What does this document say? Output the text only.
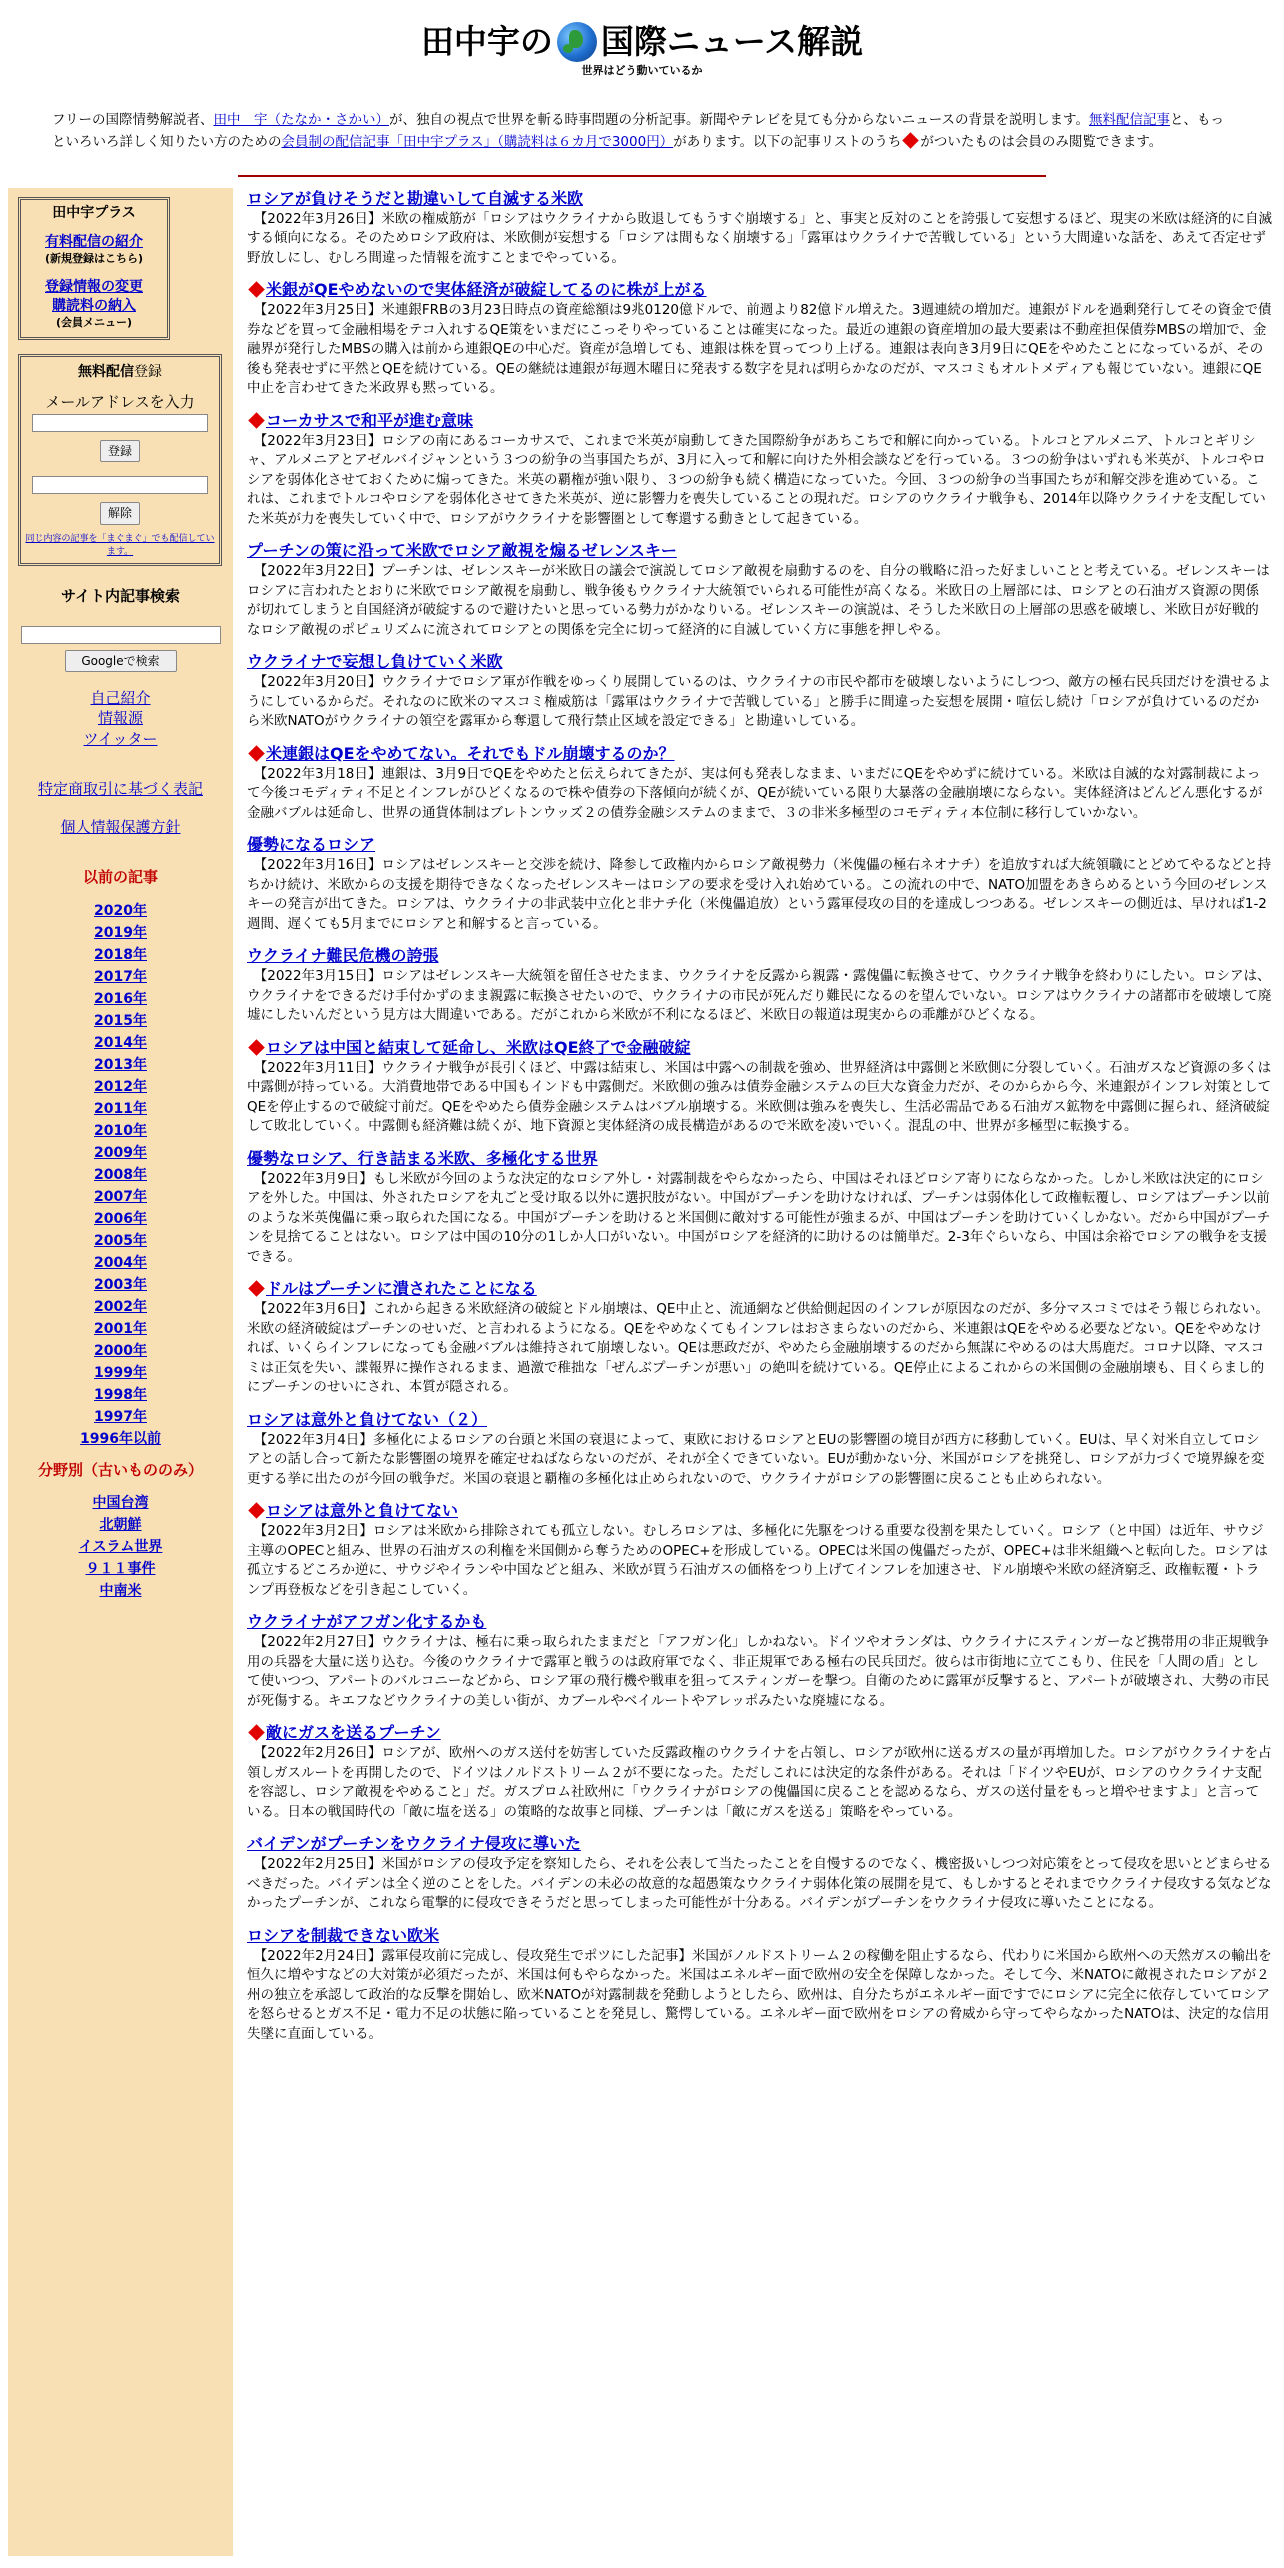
田中宇の 国際ニュース解説
世界はどう動いているか
フリーの国際情勢解説者、田中　宇（たなか・さかい）が、独自の視点で世界を斬る時事問題の分析記事。新聞やテレビを見ても分からないニュースの背景を説明します。無料配信記事と、もっといろいろ詳しく知りたい方のための会員制の配信記事「田中宇プラス」（購読料は６カ月で3000円）があります。以下の記事リストのうち がついたものは会員のみ閲覧できます。
田中宇プラス
有料配信の紹介
(新規登録はこちら)
登録情報の変更
購読料の納入
(会員メニュー)
無料配信登録
メールアドレスを入力
登録
解除
同じ内容の記事を「まぐまぐ」でも配信しています。
サイト内記事検索
Googleで検索
自己紹介
情報源
ツイッター
特定商取引に基づく表記
個人情報保護方針
以前の記事
2020年
2019年
2018年
2017年
2016年
2015年
2014年
2013年
2012年
2011年
2010年
2009年
2008年
2007年
2006年
2005年
2004年
2003年
2002年
2001年
2000年
1999年
1998年
1997年
1996年以前
分野別（古いもののみ）
中国台湾
北朝鮮
イスラム世界
９１１事件
中南米
ロシアが負けそうだと勘違いして自滅する米欧
【2022年3月26日】米欧の権威筋が「ロシアはウクライナから敗退してもうすぐ崩壊する」と、事実と反対のことを誇張して妄想するほど、現実の米欧は経済的に自滅する傾向になる。そのためロシア政府は、米欧側が妄想する「ロシアは間もなく崩壊する」「露軍はウクライナで苦戦している」という大間違いな話を、あえて否定せず野放しにし、むしろ間違った情報を流すことまでやっている。
米銀がQEやめないので実体経済が破綻してるのに株が上がる
【2022年3月25日】米連銀FRBの3月23日時点の資産総額は9兆0120億ドルで、前週より82億ドル増えた。3週連続の増加だ。連銀がドルを過剰発行してその資金で債券などを買って金融相場をテコ入れするQE策をいまだにこっそりやっていることは確実になった。最近の連銀の資産増加の最大要素は不動産担保債券MBSの増加で、金融界が発行したMBSの購入は前から連銀QEの中心だ。資産が急増しても、連銀は株を買ってつり上げる。連銀は表向き3月9日にQEをやめたことになっているが、その後も発表せずに平然とQEを続けている。QEの継続は連銀が毎週木曜日に発表する数字を見れば明らかなのだが、マスコミもオルトメディアも報じていない。連銀にQE中止を言わせてきた米政界も黙っている。
コーカサスで和平が進む意味
【2022年3月23日】ロシアの南にあるコーカサスで、これまで米英が扇動してきた国際紛争があちこちで和解に向かっている。トルコとアルメニア、トルコとギリシャ、アルメニアとアゼルバイジャンという３つの紛争の当事国たちが、3月に入って和解に向けた外相会談などを行っている。３つの紛争はいずれも米英が、トルコやロシアを弱体化させておくために煽ってきた。米英の覇権が強い限り、３つの紛争も続く構造になっていた。今回、３つの紛争の当事国たちが和解交渉を進めている。これは、これまでトルコやロシアを弱体化させてきた米英が、逆に影響力を喪失していることの現れだ。ロシアのウクライナ戦争も、2014年以降ウクライナを支配していた米英が力を喪失していく中で、ロシアがウクライナを影響圏として奪還する動きとして起きている。
プーチンの策に沿って米欧でロシア敵視を煽るゼレンスキー
【2022年3月22日】プーチンは、ゼレンスキーが米欧日の議会で演説してロシア敵視を扇動するのを、自分の戦略に沿った好ましいことと考えている。ゼレンスキーはロシアに言われたとおりに米欧でロシア敵視を扇動し、戦争後もウクライナ大統領でいられる可能性が高くなる。米欧日の上層部には、ロシアとの石油ガス資源の関係が切れてしまうと自国経済が破綻するので避けたいと思っている勢力がかなりいる。ゼレンスキーの演説は、そうした米欧日の上層部の思惑を破壊し、米欧日が好戦的なロシア敵視のポピュリズムに流されてロシアとの関係を完全に切って経済的に自滅していく方に事態を押しやる。
ウクライナで妄想し負けていく米欧
【2022年3月20日】ウクライナでロシア軍が作戦をゆっくり展開しているのは、ウクライナの市民や都市を破壊しないようにしつつ、敵方の極右民兵団だけを潰せるようにしているからだ。それなのに欧米のマスコミ権威筋は「露軍はウクライナで苦戦している」と勝手に間違った妄想を展開・喧伝し続け「ロシアが負けているのだから米欧NATOがウクライナの領空を露軍から奪還して飛行禁止区域を設定できる」と勘違いしている。
米連銀はQEをやめてない。それでもドル崩壊するのか？
【2022年3月18日】連銀は、3月9日でQEをやめたと伝えられてきたが、実は何も発表しなまま、いまだにQEをやめずに続けている。米欧は自滅的な対露制裁によって今後コモディティ不足とインフレがひどくなるので株や債券の下落傾向が続くが、QEが続いている限り大暴落の金融崩壊にならない。実体経済はどんどん悪化するが金融バブルは延命し、世界の通貨体制はブレトンウッズ２の債券金融システムのままで、３の非米多極型のコモディティ本位制に移行していかない。
優勢になるロシア
【2022年3月16日】ロシアはゼレンスキーと交渉を続け、降参して政権内からロシア敵視勢力（米傀儡の極右ネオナチ）を追放すれば大統領職にとどめてやるなどと持ちかけ続け、米欧からの支援を期待できなくなったゼレンスキーはロシアの要求を受け入れ始めている。この流れの中で、NATO加盟をあきらめるという今回のゼレンスキーの発言が出てきた。ロシアは、ウクライナの非武装中立化と非ナチ化（米傀儡追放）という露軍侵攻の目的を達成しつつある。ゼレンスキーの側近は、早ければ1-2週間、遅くても5月までにロシアと和解すると言っている。
ウクライナ難民危機の誇張
【2022年3月15日】ロシアはゼレンスキー大統領を留任させたまま、ウクライナを反露から親露・露傀儡に転換させて、ウクライナ戦争を終わりにしたい。ロシアは、ウクライナをできるだけ手付かずのまま親露に転換させたいので、ウクライナの市民が死んだり難民になるのを望んでいない。ロシアはウクライナの諸都市を破壊して廃墟にしたいんだという見方は大間違いである。だがこれから米欧が不利になるほど、米欧日の報道は現実からの乖離がひどくなる。
ロシアは中国と結束して延命し、米欧はQE終了で金融破綻
【2022年3月11日】ウクライナ戦争が長引くほど、中露は結束し、米国は中露への制裁を強め、世界経済は中露側と米欧側に分裂していく。石油ガスなど資源の多くは中露側が持っている。大消費地帯である中国もインドも中露側だ。米欧側の強みは債券金融システムの巨大な資金力だが、そのからから今、米連銀がインフレ対策としてQEを停止するので破綻寸前だ。QEをやめたら債券金融システムはバブル崩壊する。米欧側は強みを喪失し、生活必需品である石油ガス鉱物を中露側に握られ、経済破綻して敗北していく。中露側も経済難は続くが、地下資源と実体経済の成長構造があるので米欧を凌いでいく。混乱の中、世界が多極型に転換する。
優勢なロシア、行き詰まる米欧、多極化する世界
【2022年3月9日】もし米欧が今回のような決定的なロシア外し・対露制裁をやらなかったら、中国はそれほどロシア寄りにならなかった。しかし米欧は決定的にロシアを外した。中国は、外されたロシアを丸ごと受け取る以外に選択肢がない。中国がプーチンを助けなければ、プーチンは弱体化して政権転覆し、ロシアはプーチン以前のような米英傀儡に乗っ取られた国になる。中国がプーチンを助けると米国側に敵対する可能性が強まるが、中国はプーチンを助けていくしかない。だから中国がプーチンを見捨てることはない。ロシアは中国の10分の1しか人口がいない。中国がロシアを経済的に助けるのは簡単だ。2-3年ぐらいなら、中国は余裕でロシアの戦争を支援できる。
ドルはプーチンに潰されたことになる
【2022年3月6日】これから起きる米欧経済の破綻とドル崩壊は、QE中止と、流通網など供給側起因のインフレが原因なのだが、多分マスコミではそう報じられない。米欧の経済破綻はプーチンのせいだ、と言われるようになる。QEをやめなくてもインフレはおさまらないのだから、米連銀はQEをやめる必要などない。QEをやめなければ、いくらインフレになっても金融バブルは維持されて崩壊しない。QEは悪政だが、やめたら金融崩壊するのだから無謀にやめるのは大馬鹿だ。コロナ以降、マスコミは正気を失い、諜報界に操作されるまま、過激で稚拙な「ぜんぶプーチンが悪い」の絶叫を続けている。QE停止によるこれからの米国側の金融崩壊も、目くらまし的にプーチンのせいにされ、本質が隠される。
ロシアは意外と負けてない（２）
【2022年3月4日】多極化によるロシアの台頭と米国の衰退によって、東欧におけるロシアとEUの影響圏の境目が西方に移動していく。EUは、早く対米自立してロシアとの話し合って新たな影響圏の境界を確定せねばならないのだが、それが全くできていない。EUが動かない分、米国がロシアを挑発し、ロシアが力づくで境界線を変更する挙に出たのが今回の戦争だ。米国の衰退と覇権の多極化は止められないので、ウクライナがロシアの影響圏に戻ることも止められない。
ロシアは意外と負けてない
【2022年3月2日】ロシアは米欧から排除されても孤立しない。むしろロシアは、多極化に先駆をつける重要な役割を果たしていく。ロシア（と中国）は近年、サウジ主導のOPECと組み、世界の石油ガスの利権を米国側から奪うためのOPEC+を形成している。OPECは米国の傀儡だったが、OPEC+は非米組織へと転向した。ロシアは孤立するどころか逆に、サウジやイランや中国などと組み、米欧が買う石油ガスの価格をつり上げてインフレを加速させ、ドル崩壊や米欧の経済窮乏、政権転覆・トランプ再登板などを引き起こしていく。
ウクライナがアフガン化するかも
【2022年2月27日】ウクライナは、極右に乗っ取られたままだと「アフガン化」しかねない。ドイツやオランダは、ウクライナにスティンガーなど携帯用の非正規戦争用の兵器を大量に送り込む。今後のウクライナで露軍と戦うのは政府軍でなく、非正規軍である極右の民兵団だ。彼らは市街地に立てこもり、住民を「人間の盾」として使いつつ、アパートのバルコニーなどから、ロシア軍の飛行機や戦車を狙ってスティンガーを撃つ。自衛のために露軍が反撃すると、アパートが破壊され、大勢の市民が死傷する。キエフなどウクライナの美しい街が、カブールやベイルートやアレッポみたいな廃墟になる。
敵にガスを送るプーチン
【2022年2月26日】ロシアが、欧州へのガス送付を妨害していた反露政権のウクライナを占領し、ロシアが欧州に送るガスの量が再増加した。ロシアがウクライナを占領しガスルートを再開したので、ドイツはノルドストリーム２が不要になった。ただしこれには決定的な条件がある。それは「ドイツやEUが、ロシアのウクライナ支配を容認し、ロシア敵視をやめること」だ。ガスプロム社欧州に「ウクライナがロシアの傀儡国に戻ることを認めるなら、ガスの送付量をもっと増やせますよ」と言っている。日本の戦国時代の「敵に塩を送る」の策略的な故事と同様、プーチンは「敵にガスを送る」策略をやっている。
バイデンがプーチンをウクライナ侵攻に導いた
【2022年2月25日】米国がロシアの侵攻予定を察知したら、それを公表して当たったことを自慢するのでなく、機密扱いしつつ対応策をとって侵攻を思いとどまらせるべきだった。バイデンは全く逆のことをした。バイデンの未必の故意的な超愚策なウクライナ弱体化策の展開を見て、もしかするとそれまでウクライナ侵攻する気などなかったプーチンが、これなら電撃的に侵攻できそうだと思ってしまった可能性が十分ある。バイデンがプーチンをウクライナ侵攻に導いたことになる。
ロシアを制裁できない欧米
【2022年2月24日】露軍侵攻前に完成し、侵攻発生でポツにした記事】米国がノルドストリーム２の稼働を阻止するなら、代わりに米国から欧州への天然ガスの輸出を恒久に増やすなどの大対策が必須だったが、米国は何もやらなかった。米国はエネルギー面で欧州の安全を保障しなかった。そして今、米NATOに敵視されたロシアが２州の独立を承認して政治的な反撃を開始し、欧米NATOが対露制裁を発動しようとしたら、欧州は、自分たちがエネルギー面ですでにロシアに完全に依存していてロシアを怒らせるとガス不足・電力不足の状態に陥っていることを発見し、驚愕している。エネルギー面で欧州をロシアの脅威から守ってやらなかったNATOは、決定的な信用失墜に直面している。
